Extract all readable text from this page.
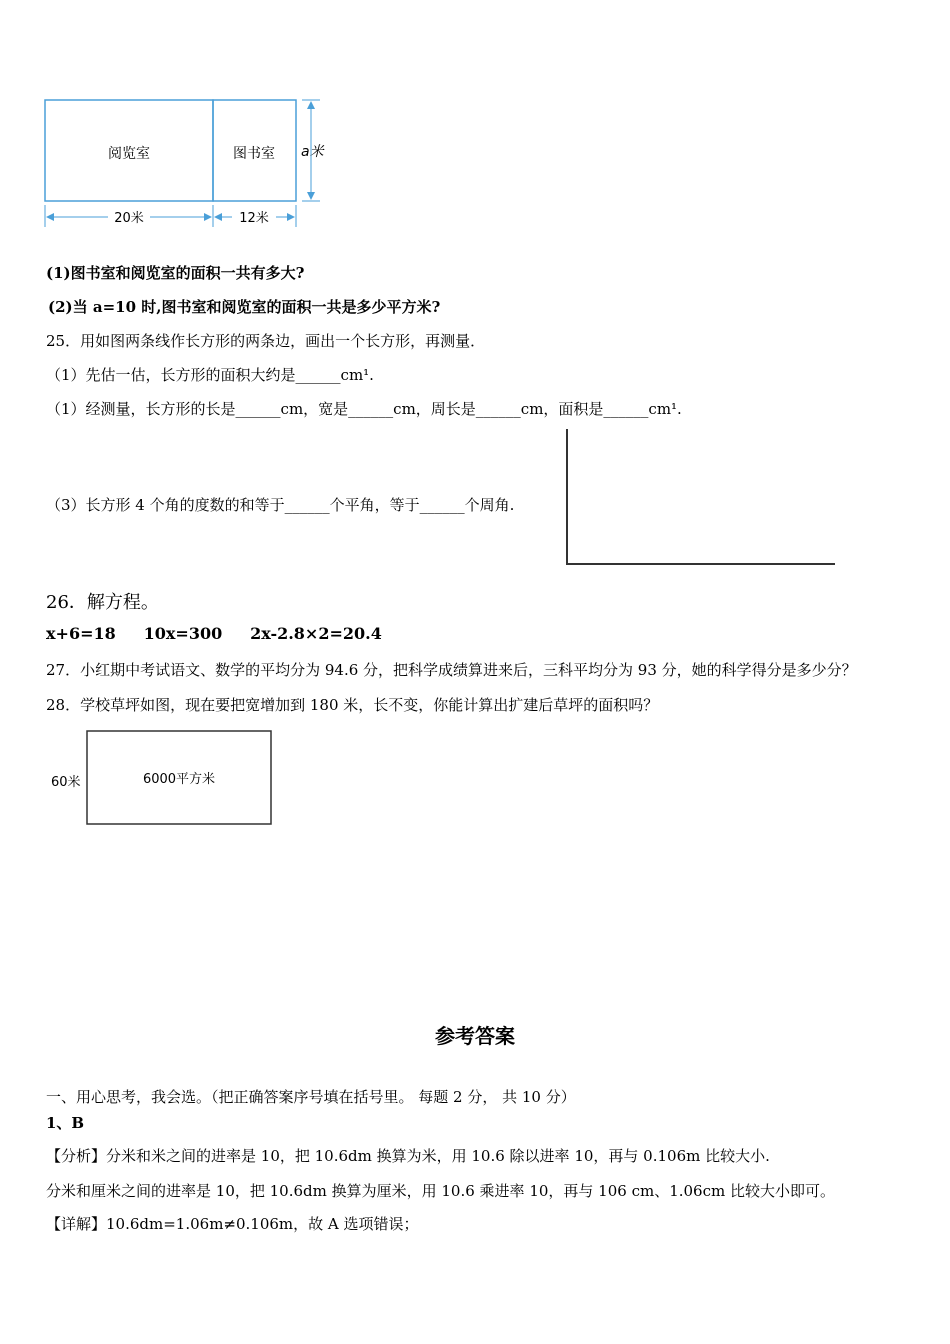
阅览室	图书室 a米
20米	12米
(1)图书室和阅览室的面积一共有多大?
(2)当 a=10 时,图书室和阅览室的面积一共是多少平方米?
25．用如图两条线作长方形的两条边，画出一个长方形，再测量．
（1）先估一估，长方形的面积大约是______cm¹.
（1）经测量，长方形的长是______cm，宽是______cm，周长是______cm，面积是______cm¹.
（3）长方形 4 个角的度数的和等于______个平角，等于______个周角.
26．解方程。
x+6=18     10x=300     2x-2.8×2=20.4
27．小红期中考试语文、数学的平均分为 94.6 分，把科学成绩算进来后，三科平均分为 93 分，她的科学得分是多少分？
28．学校草坪如图，现在要把宽增加到 180 米，长不变，你能计算出扩建后草坪的面积吗？
60米	6000平方米
参考答案
一、用心思考，我会选。（把正确答案序号填在括号里。 每题 2 分， 共 10 分）
1、B
【分析】分米和米之间的进率是 10，把 10.6dm 换算为米，用 10.6 除以进率 10，再与 0.106m 比较大小.
分米和厘米之间的进率是 10，把 10.6dm 换算为厘米，用 10.6 乘进率 10，再与 106 cm、1.06cm 比较大小即可。
【详解】10.6dm=1.06m≠0.106m，故 A 选项错误；
